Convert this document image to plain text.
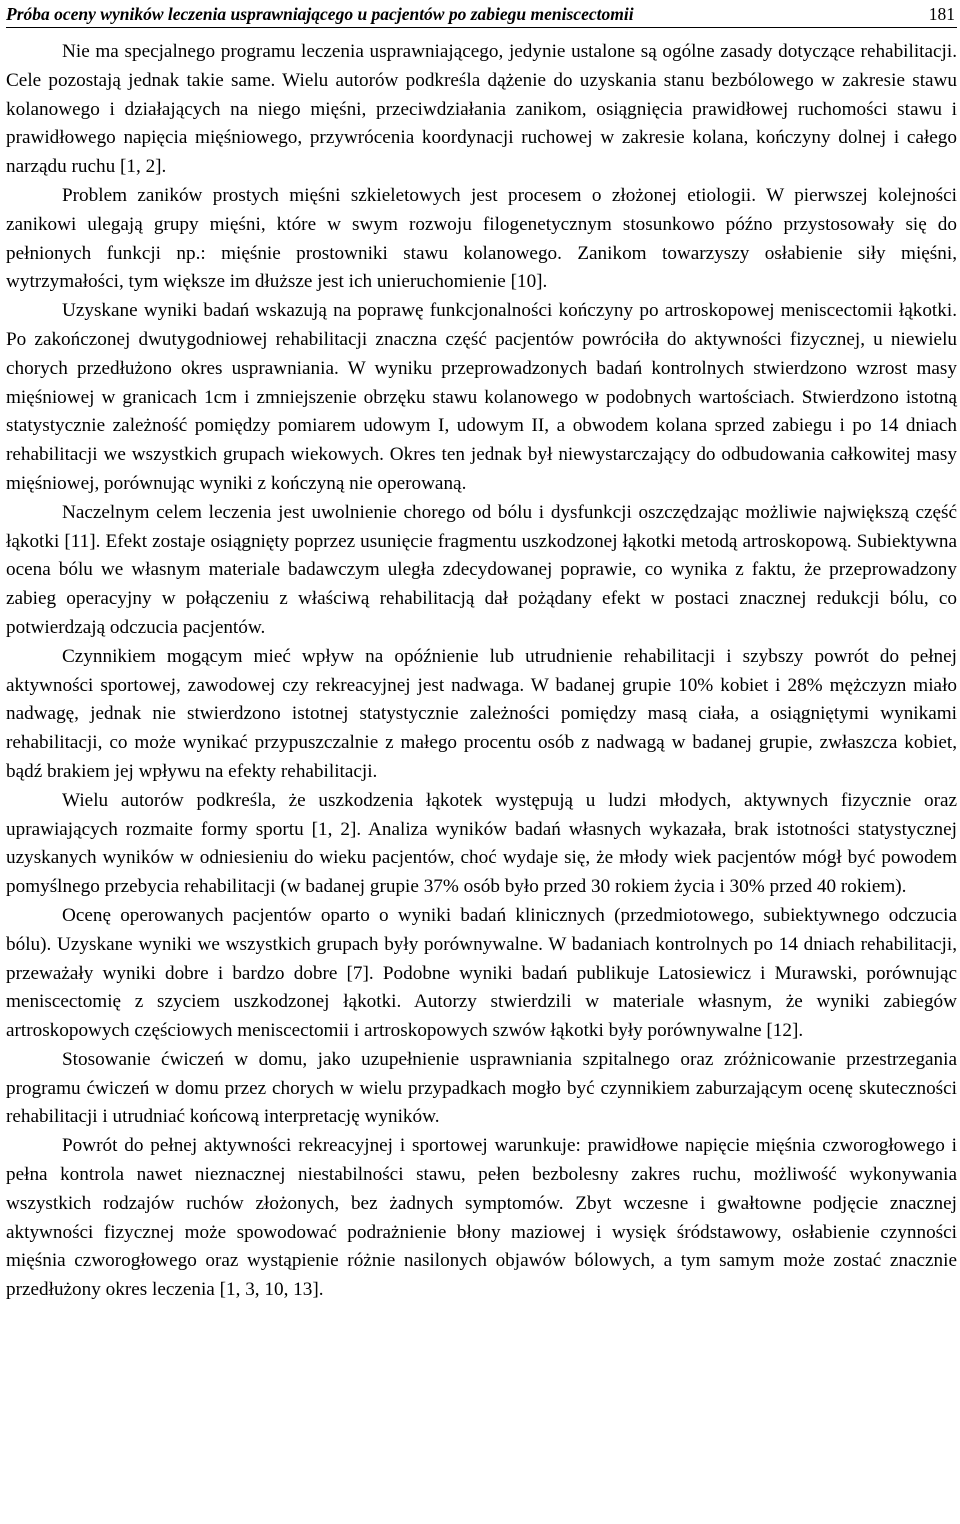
Próba oceny wyników leczenia usprawniającego u pacjentów po zabiegu meniscectomii	181

Nie ma specjalnego programu leczenia usprawniającego, jedynie ustalone są ogólne zasady dotyczące rehabilitacji. Cele pozostają jednak takie same. Wielu autorów podkreśla dążenie do uzyskania stanu bezbólowego w zakresie stawu kolanowego i działających na niego mięśni, przeciwdziałania zanikom, osiągnięcia prawidłowej ruchomości stawu i prawidłowego napięcia mięśniowego, przywrócenia koordynacji ruchowej w zakresie kolana, kończyny dolnej i całego narządu ruchu [1, 2].

Problem zaników prostych mięśni szkieletowych jest procesem o złożonej etiologii. W pierwszej kolejności zanikowi ulegają grupy mięśni, które w swym rozwoju filogenetycznym stosunkowo późno przystosowały się do pełnionych funkcji np.: mięśnie prostowniki stawu kolanowego. Zanikom towarzyszy osłabienie siły mięśni, wytrzymałości, tym większe im dłuższe jest ich unieruchomienie [10].

Uzyskane wyniki badań wskazują na poprawę funkcjonalności kończyny po artroskopowej meniscectomii łąkotki. Po zakończonej dwutygodniowej rehabilitacji znaczna część pacjentów powróciła do aktywności fizycznej, u niewielu chorych przedłużono okres usprawniania. W wyniku przeprowadzonych badań kontrolnych stwierdzono wzrost masy mięśniowej w granicach 1cm i zmniejszenie obrzęku stawu kolanowego w podobnych wartościach. Stwierdzono istotną statystycznie zależność pomiędzy pomiarem udowym I, udowym II, a obwodem kolana sprzed zabiegu i po 14 dniach rehabilitacji we wszystkich grupach wiekowych. Okres ten jednak był niewystarczający do odbudowania całkowitej masy mięśniowej, porównując wyniki z kończyną nie operowaną.

Naczelnym celem leczenia jest uwolnienie chorego od bólu i dysfunkcji oszczędzając możliwie największą część łąkotki [11]. Efekt zostaje osiągnięty poprzez usunięcie fragmentu uszkodzonej łąkotki metodą artroskopową. Subiektywna ocena bólu we własnym materiale badawczym uległa zdecydowanej poprawie, co wynika z faktu, że przeprowadzony zabieg operacyjny w połączeniu z właściwą rehabilitacją dał pożądany efekt w postaci znacznej redukcji bólu, co potwierdzają odczucia pacjentów.

Czynnikiem mogącym mieć wpływ na opóźnienie lub utrudnienie rehabilitacji i szybszy powrót do pełnej aktywności sportowej, zawodowej czy rekreacyjnej jest nadwaga. W badanej grupie 10% kobiet i 28% mężczyzn miało nadwagę, jednak nie stwierdzono istotnej statystycznie zależności pomiędzy masą ciała, a osiągniętymi wynikami rehabilitacji, co może wynikać przypuszczalnie z małego procentu osób z nadwagą w badanej grupie, zwłaszcza kobiet, bądź brakiem jej wpływu na efekty rehabilitacji.

Wielu autorów podkreśla, że uszkodzenia łąkotek występują u ludzi młodych, aktywnych fizycznie oraz uprawiających rozmaite formy sportu [1, 2]. Analiza wyników badań własnych wykazała, brak istotności statystycznej uzyskanych wyników w odniesieniu do wieku pacjentów, choć wydaje się, że młody wiek pacjentów mógł być powodem pomyślnego przebycia rehabilitacji (w badanej grupie 37% osób było przed 30 rokiem życia i 30% przed 40 rokiem).

Ocenę operowanych pacjentów oparto o wyniki badań klinicznych (przedmiotowego, subiektywnego odczucia bólu). Uzyskane wyniki we wszystkich grupach były porównywalne. W badaniach kontrolnych po 14 dniach rehabilitacji, przeważały wyniki dobre i bardzo dobre [7]. Podobne wyniki badań publikuje Latosiewicz i Murawski, porównując meniscectomię z szyciem uszkodzonej łąkotki. Autorzy stwierdzili w materiale własnym, że wyniki zabiegów artroskopowych częściowych meniscectomii i artroskopowych szwów łąkotki były porównywalne [12].

Stosowanie ćwiczeń w domu, jako uzupełnienie usprawniania szpitalnego oraz zróżnicowanie przestrzegania programu ćwiczeń w domu przez chorych w wielu przypadkach mogło być czynnikiem zaburzającym ocenę skuteczności rehabilitacji i utrudniać końcową interpretację wyników.

Powrót do pełnej aktywności rekreacyjnej i sportowej warunkuje: prawidłowe napięcie mięśnia czworogłowego i pełna kontrola nawet nieznacznej niestabilności stawu, pełen bezbolesny zakres ruchu, możliwość wykonywania wszystkich rodzajów ruchów złożonych, bez żadnych symptomów. Zbyt wczesne i gwałtowne podjęcie znacznej aktywności fizycznej może spowodować podrażnienie błony maziowej i wysięk śródstawowy, osłabienie czynności mięśnia czworogłowego oraz wystąpienie różnie nasilonych objawów bólowych, a tym samym może zostać znacznie przedłużony okres leczenia [1, 3, 10, 13].
